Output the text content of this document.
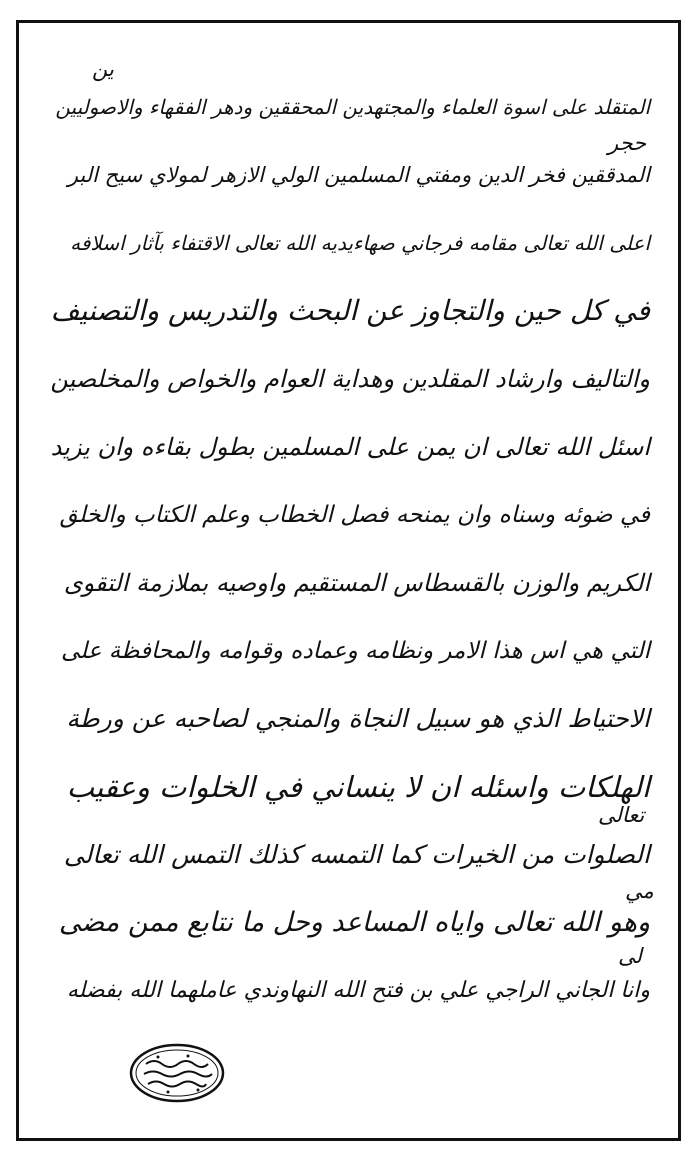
المتقلد على اسوة العلماء والمجتهدين المحققين ودهر الفقهاء والاصوليين
المدققين فخر الدين ومفتي المسلمين الولي الازهر لمولاي سيح البر
اعلى الله تعالى مقامه فرجاني صهاءيديه الله تعالى الاقتفاء بآثار اسلافه
في كل حين والتجاوز عن البحث والتدريس والتصنيف
والتاليف وارشاد المقلدين وهداية العوام والخواص والمخلصين
اسئل الله تعالى ان يمن على المسلمين بطول بقاءه وان يزيد
في ضوئه وسناه وان يمنحه فصل الخطاب وعلم الكتاب والخلق
الكريم والوزن بالقسطاس المستقيم واوصيه بملازمة التقوى
التي هي اس هذا الامر ونظامه وعماده وقوامه والمحافظة على
الاحتياط الذي هو سبيل النجاة والمنجي لصاحبه عن ورطة
الهلكات واسئله ان لا ينساني في الخلوات وعقيب
الصلوات من الخيرات كما التمسه كذلك التمس الله تعالى
وهو الله تعالى واياه المساعد وحل ما نتابع ممن مضى
وانا الجاني الراجي علي بن فتح الله النهاوندي عاملهما الله بفضله
ين
حجر
مي
تعالى
لى
